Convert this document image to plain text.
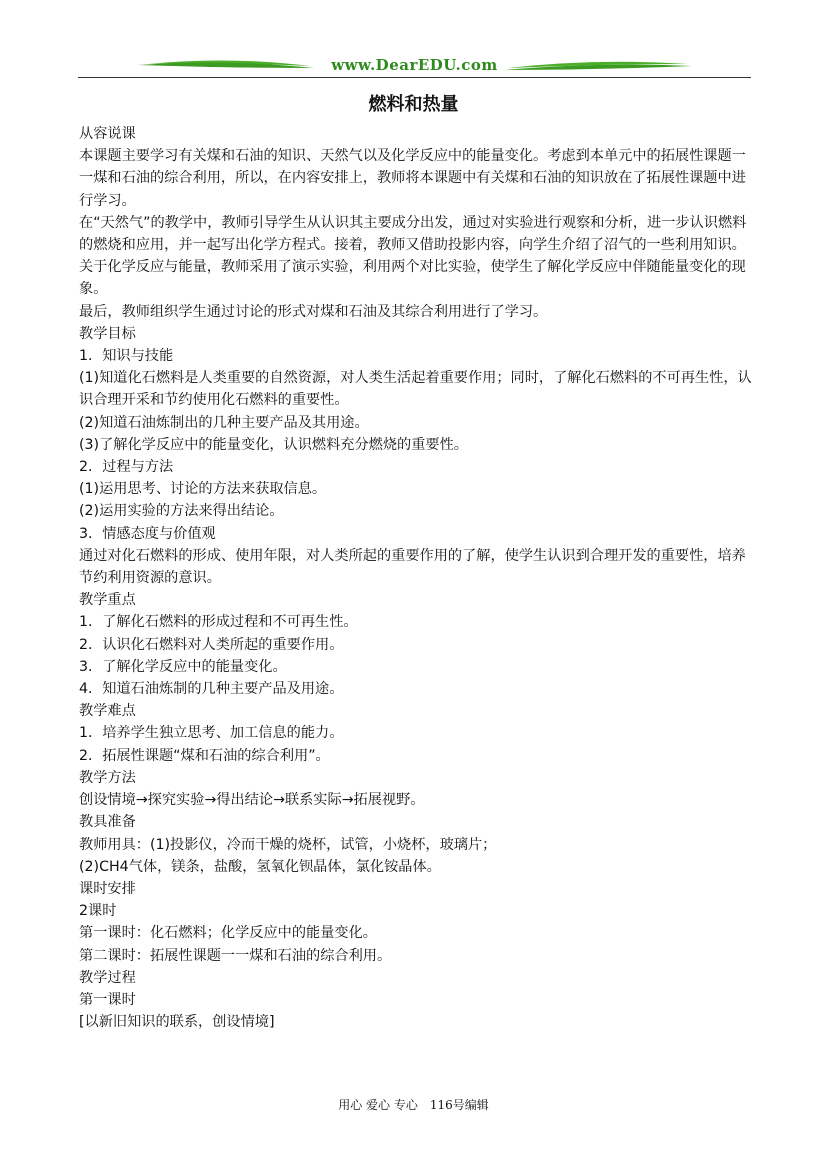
www.DearEDU.com
燃料和热量

从容说课

本课题主要学习有关煤和石油的知识、天然气以及化学反应中的能量变化。考虑到本单元中的拓展性课题一一煤和石油的综合利用，所以，在内容安排上，教师将本课题中有关煤和石油的知识放在了拓展性课题中进行学习。

在“天然气”的教学中，教师引导学生从认识其主要成分出发，通过对实验进行观察和分析，进一步认识燃料的燃烧和应用，并一起写出化学方程式。接着，教师又借助投影内容，向学生介绍了沼气的一些利用知识。

关于化学反应与能量，教师采用了演示实验，利用两个对比实验，使学生了解化学反应中伴随能量变化的现象。

最后，教师组织学生通过讨论的形式对煤和石油及其综合利用进行了学习。

教学目标

1．知识与技能

(1)知道化石燃料是人类重要的自然资源，对人类生活起着重要作用；同时，了解化石燃料的不可再生性，认识合理开采和节约使用化石燃料的重要性。

(2)知道石油炼制出的几种主要产品及其用途。

(3)了解化学反应中的能量变化，认识燃料充分燃烧的重要性。

2．过程与方法

(1)运用思考、讨论的方法来获取信息。

(2)运用实验的方法来得出结论。

3．情感态度与价值观

通过对化石燃料的形成、使用年限，对人类所起的重要作用的了解，使学生认识到合理开发的重要性，培养节约利用资源的意识。

教学重点

1．了解化石燃料的形成过程和不可再生性。

2．认识化石燃料对人类所起的重要作用。

3．了解化学反应中的能量变化。

4．知道石油炼制的几种主要产品及用途。

教学难点

1．培养学生独立思考、加工信息的能力。

2．拓展性课题“煤和石油的综合利用”。

教学方法

创设情境→探究实验→得出结论→联系实际→拓展视野。

教具准备

教师用具：(1)投影仪，冷而干燥的烧杯，试管，小烧杯，玻璃片；

(2)CH4气体，镁条，盐酸，氢氧化钡晶体，氯化铵晶体。

课时安排

2课时

第一课时：化石燃料；化学反应中的能量变化。

第二课时：拓展性课题一一煤和石油的综合利用。

教学过程

第一课时

[以新旧知识的联系，创设情境]

用心 爱心 专心　116号编辑
